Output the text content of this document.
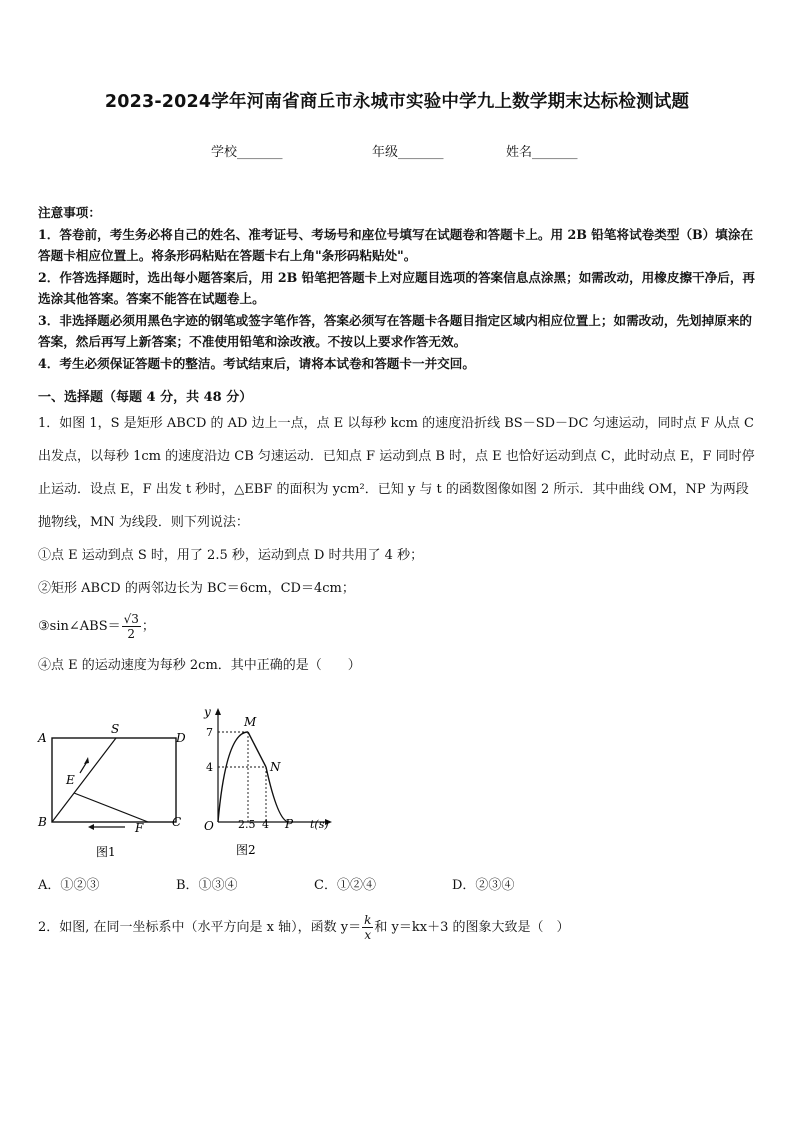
2023-2024学年河南省商丘市永城市实验中学九上数学期末达标检测试题
学校_______	年级_______	姓名_______

注意事项：

1．答卷前，考生务必将自己的姓名、准考证号、考场号和座位号填写在试题卷和答题卡上。用 2B 铅笔将试卷类型（B）填涂在答题卡相应位置上。将条形码粘贴在答题卡右上角"条形码粘贴处"。

2．作答选择题时，选出每小题答案后，用 2B 铅笔把答题卡上对应题目选项的答案信息点涂黑；如需改动，用橡皮擦干净后，再选涂其他答案。答案不能答在试题卷上。

3．非选择题必须用黑色字迹的钢笔或签字笔作答，答案必须写在答题卡各题目指定区域内相应位置上；如需改动，先划掉原来的答案，然后再写上新答案；不准使用铅笔和涂改液。不按以上要求作答无效。

4．考生必须保证答题卡的整洁。考试结束后，请将本试卷和答题卡一并交回。

一、选择题（每题 4 分，共 48 分）

1．如图 1，S 是矩形 ABCD 的 AD 边上一点，点 E 以每秒 kcm 的速度沿折线 BS－SD－DC 匀速运动，同时点 F 从点 C 出发点，以每秒 1cm 的速度沿边 CB 匀速运动．已知点 F 运动到点 B 时，点 E 也恰好运动到点 C，此时动点 E，F 同时停止运动．设点 E，F 出发 t 秒时，△EBF 的面积为 ycm²．已知 y 与 t 的函数图像如图 2 所示．其中曲线 OM，NP 为两段抛物线，MN 为线段．则下列说法：

①点 E 运动到点 S 时，用了 2.5 秒，运动到点 D 时共用了 4 秒；

②矩形 ABCD 的两邻边长为 BC＝6cm，CD＝4cm；

③sin∠ABS＝ $\frac{√3}{2}$ ；

④点 E 的运动速度为每秒 2cm．其中正确的是（　　）

A
S
D
E
B	F C
图1
y
M
N
7
4
O 2.5 4 P t(s)
图2
A．①②③	B．①③④	C．①②④	D．②③④
2．如图, 在同一坐标系中（水平方向是 x 轴），函数 $y= \frac{k}{x}$ 和 y＝kx＋3 的图象大致是（　）
